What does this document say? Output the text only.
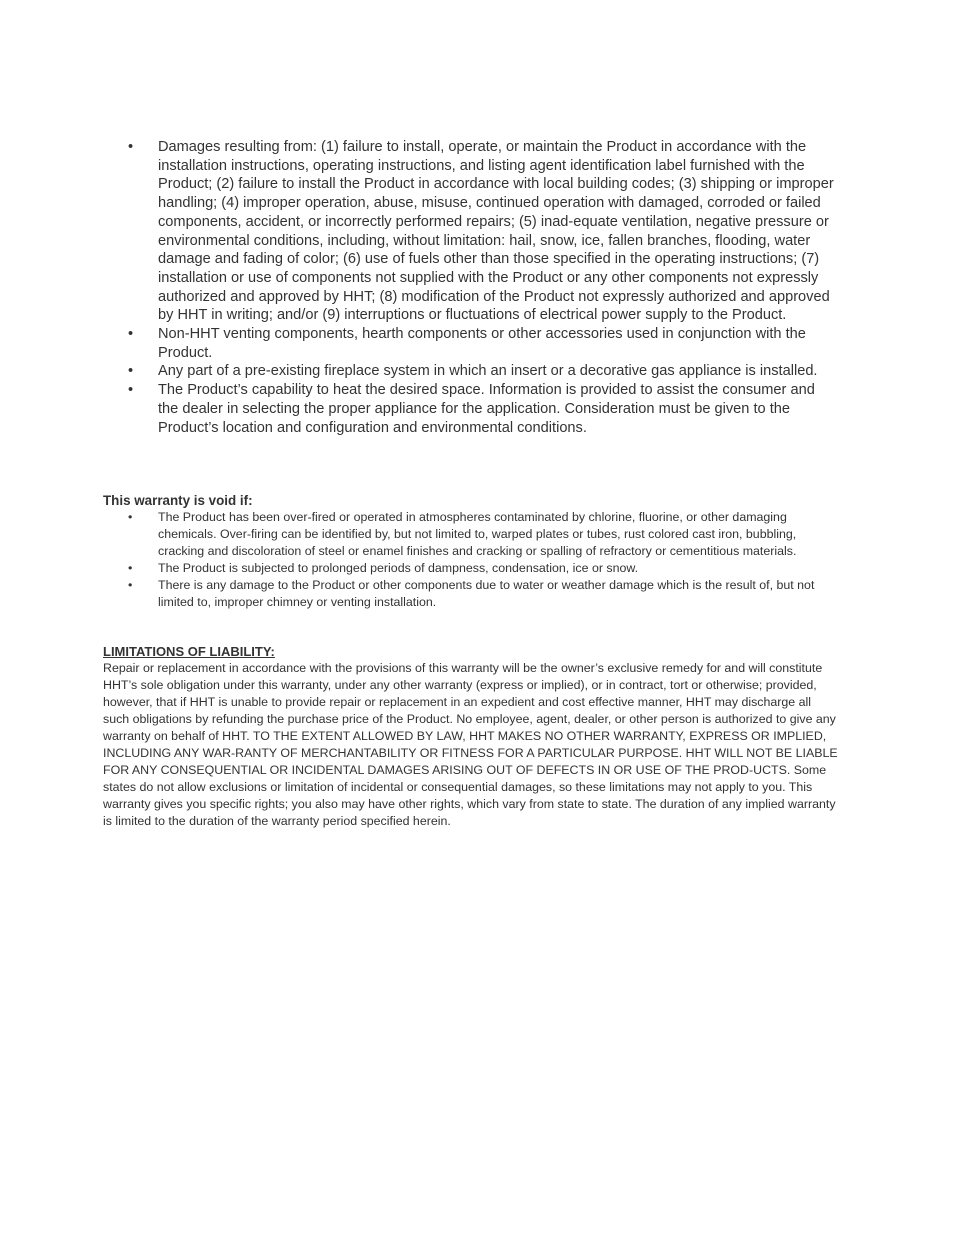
• Damages resulting from: (1) failure to install, operate, or maintain the Product in accordance with the installation instructions, operating instructions, and listing agent identification label furnished with the Product; (2) failure to install the Product in accordance with local building codes; (3) shipping or improper handling; (4) improper operation, abuse, misuse, continued operation with damaged, corroded or failed components, accident, or incorrectly performed repairs; (5) inad-equate ventilation, negative pressure or environmental conditions, including, without limitation: hail, snow, ice, fallen branches, flooding, water damage and fading of color; (6) use of fuels other than those specified in the operating instructions; (7) installation or use of components not supplied with the Product or any other components not expressly authorized and approved by HHT; (8) modification of the Product not expressly authorized and approved by HHT in writing; and/or (9) interruptions or fluctuations of electrical power supply to the Product.
• Non-HHT venting components, hearth components or other accessories used in conjunction with the Product.
• Any part of a pre-existing fireplace system in which an insert or a decorative gas appliance is installed.
• The Product’s capability to heat the desired space. Information is provided to assist the consumer and the dealer in selecting the proper appliance for the application. Consideration must be given to the Product’s location and configuration and environmental conditions.

This warranty is void if:

• The Product has been over-fired or operated in atmospheres contaminated by chlorine, fluorine, or other damaging chemicals. Over-firing can be identified by, but not limited to, warped plates or tubes, rust colored cast iron, bubbling, cracking and discoloration of steel or enamel finishes and cracking or spalling of refractory or cementitious materials.
• The Product is subjected to prolonged periods of dampness, condensation, ice or snow.
• There is any damage to the Product or other components due to water or weather damage which is the result of, but not limited to, improper chimney or venting installation.

LIMITATIONS OF LIABILITY:

Repair or replacement in accordance with the provisions of this warranty will be the owner’s exclusive remedy for and will constitute HHT’s sole obligation under this warranty, under any other warranty (express or implied), or in contract, tort or otherwise; provided, however, that if HHT is unable to provide repair or replacement in an expedient and cost effective manner, HHT may discharge all such obligations by refunding the purchase price of the Product. No employee, agent, dealer, or other person is authorized to give any warranty on behalf of HHT. TO THE EXTENT ALLOWED BY LAW, HHT MAKES NO OTHER WARRANTY, EXPRESS OR IMPLIED, INCLUDING ANY WAR-RANTY OF MERCHANTABILITY OR FITNESS FOR A PARTICULAR PURPOSE. HHT WILL NOT BE LIABLE FOR ANY CONSEQUENTIAL OR INCIDENTAL DAMAGES ARISING OUT OF DEFECTS IN OR USE OF THE PROD-UCTS. Some states do not allow exclusions or limitation of incidental or consequential damages, so these limitations may not apply to you. This warranty gives you specific rights; you also may have other rights, which vary from state to state. The duration of any implied warranty is limited to the duration of the warranty period specified herein.
